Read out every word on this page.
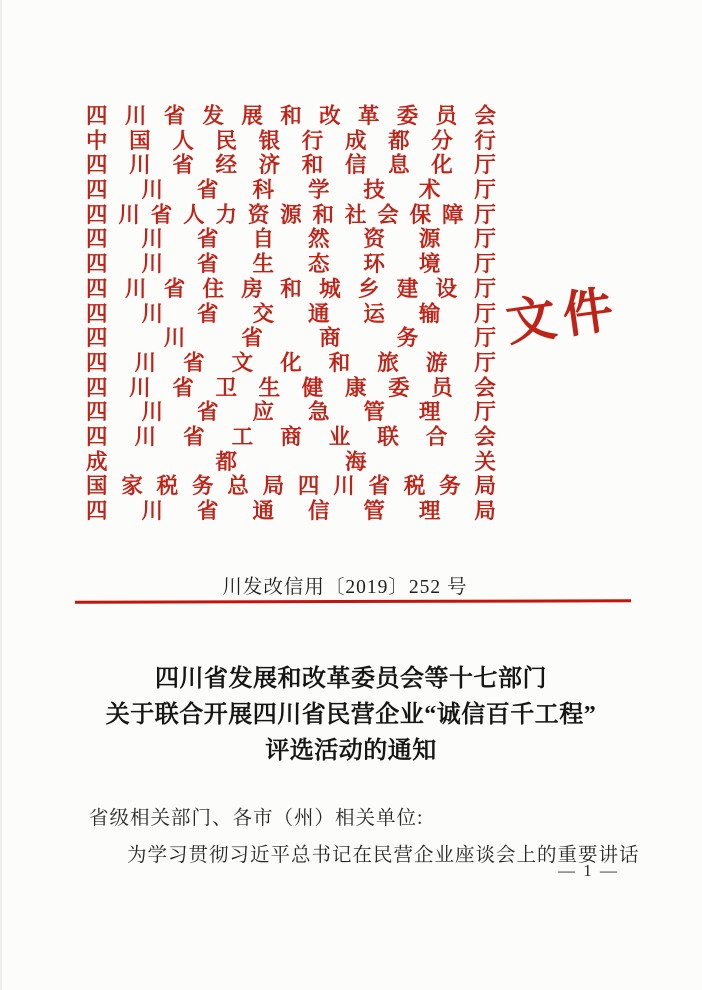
四 川 省 发 展 和 改 革 委 员 会
中 国 人 民 银 行 成 都 分 行
四 川 省 经 济 和 信 息 化 厅
四 川 省 科 学 技 术 厅
四 川 省 人 力 资 源 和 社 会 保 障 厅
四 川 省 自 然 资 源 厅
四 川 省 生 态 环 境 厅
四 川 省 住 房 和 城 乡 建 设 厅
四 川 省 交 通 运 输 厅
四	川	省	商	务	厅
四 川 省 文 化 和 旅 游 厅
四 川 省 卫 生 健 康 委 员 会
四 川 省 应 急 管 理 厅
四 川 省 工 商 业 联 合 会
成	都	海	关
国 家 税 务 总 局 四 川 省 税 务 局
四 川 省 通 信 管 理 局
文件
川发改信用〔2019〕252 号
四川省发展和改革委员会等十七部门
关于联合开展四川省民营企业“诚信百千工程”
评选活动的通知
省级相关部门、各市（州）相关单位:
为学习贯彻习近平总书记在民营企业座谈会上的重要讲话
— 1 —
